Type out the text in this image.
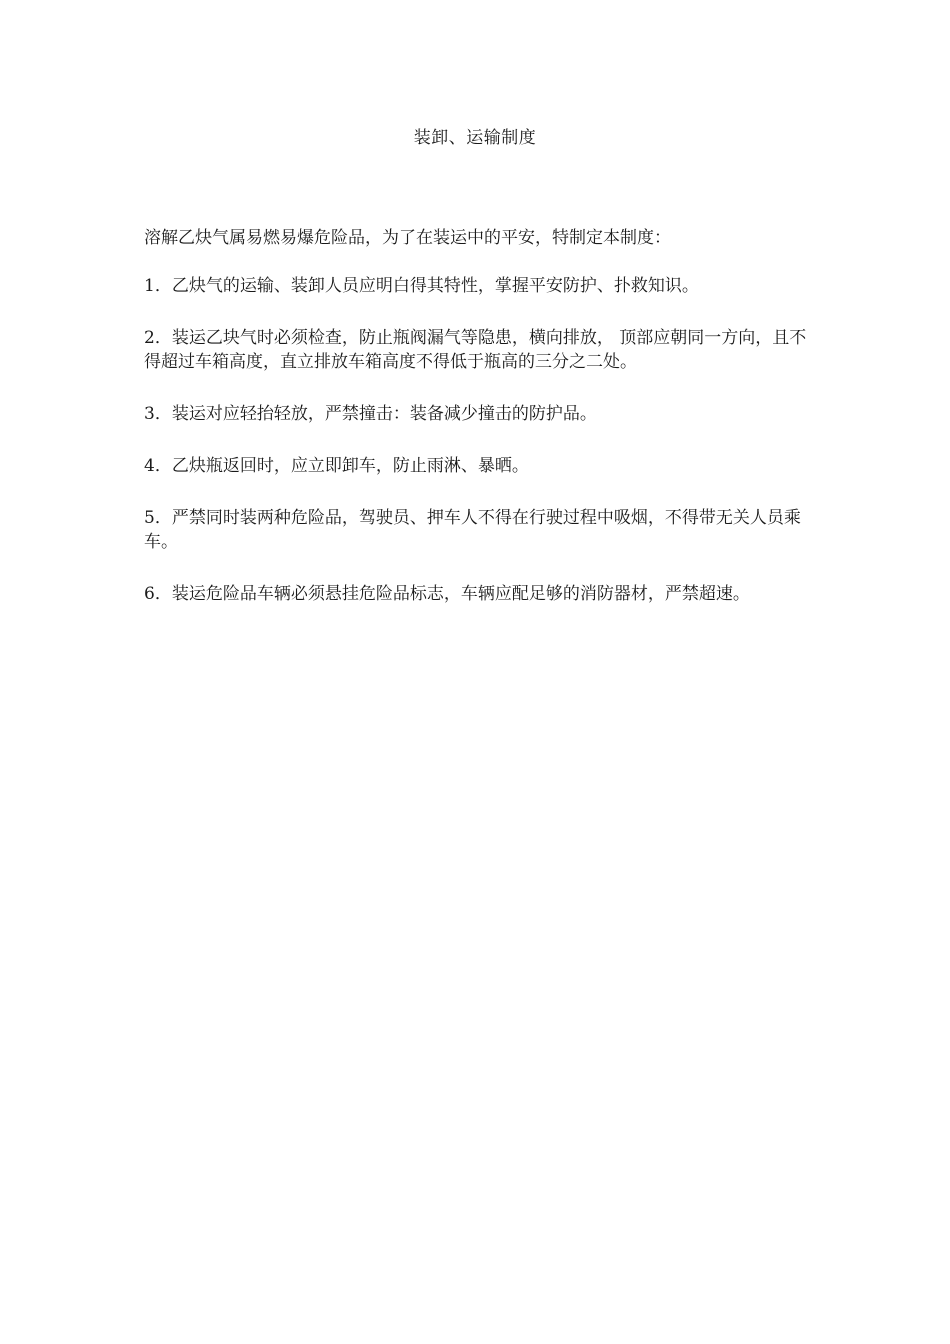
装卸、运输制度

溶解乙炔气属易燃易爆危险品，为了在装运中的平安，特制定本制度：

1．乙炔气的运输、装卸人员应明白得其特性，掌握平安防护、扑救知识。

2．装运乙块气时必须检查，防止瓶阀漏气等隐患，横向排放， 顶部应朝同一方向，且不得超过车箱高度，直立排放车箱高度不得低于瓶高的三分之二处。

3．装运对应轻抬轻放，严禁撞击：装备减少撞击的防护品。

4．乙炔瓶返回时，应立即卸车，防止雨淋、暴晒。

5．严禁同时装两种危险品，驾驶员、押车人不得在行驶过程中吸烟，不得带无关人员乘车。

6．装运危险品车辆必须悬挂危险品标志，车辆应配足够的消防器材，严禁超速。
